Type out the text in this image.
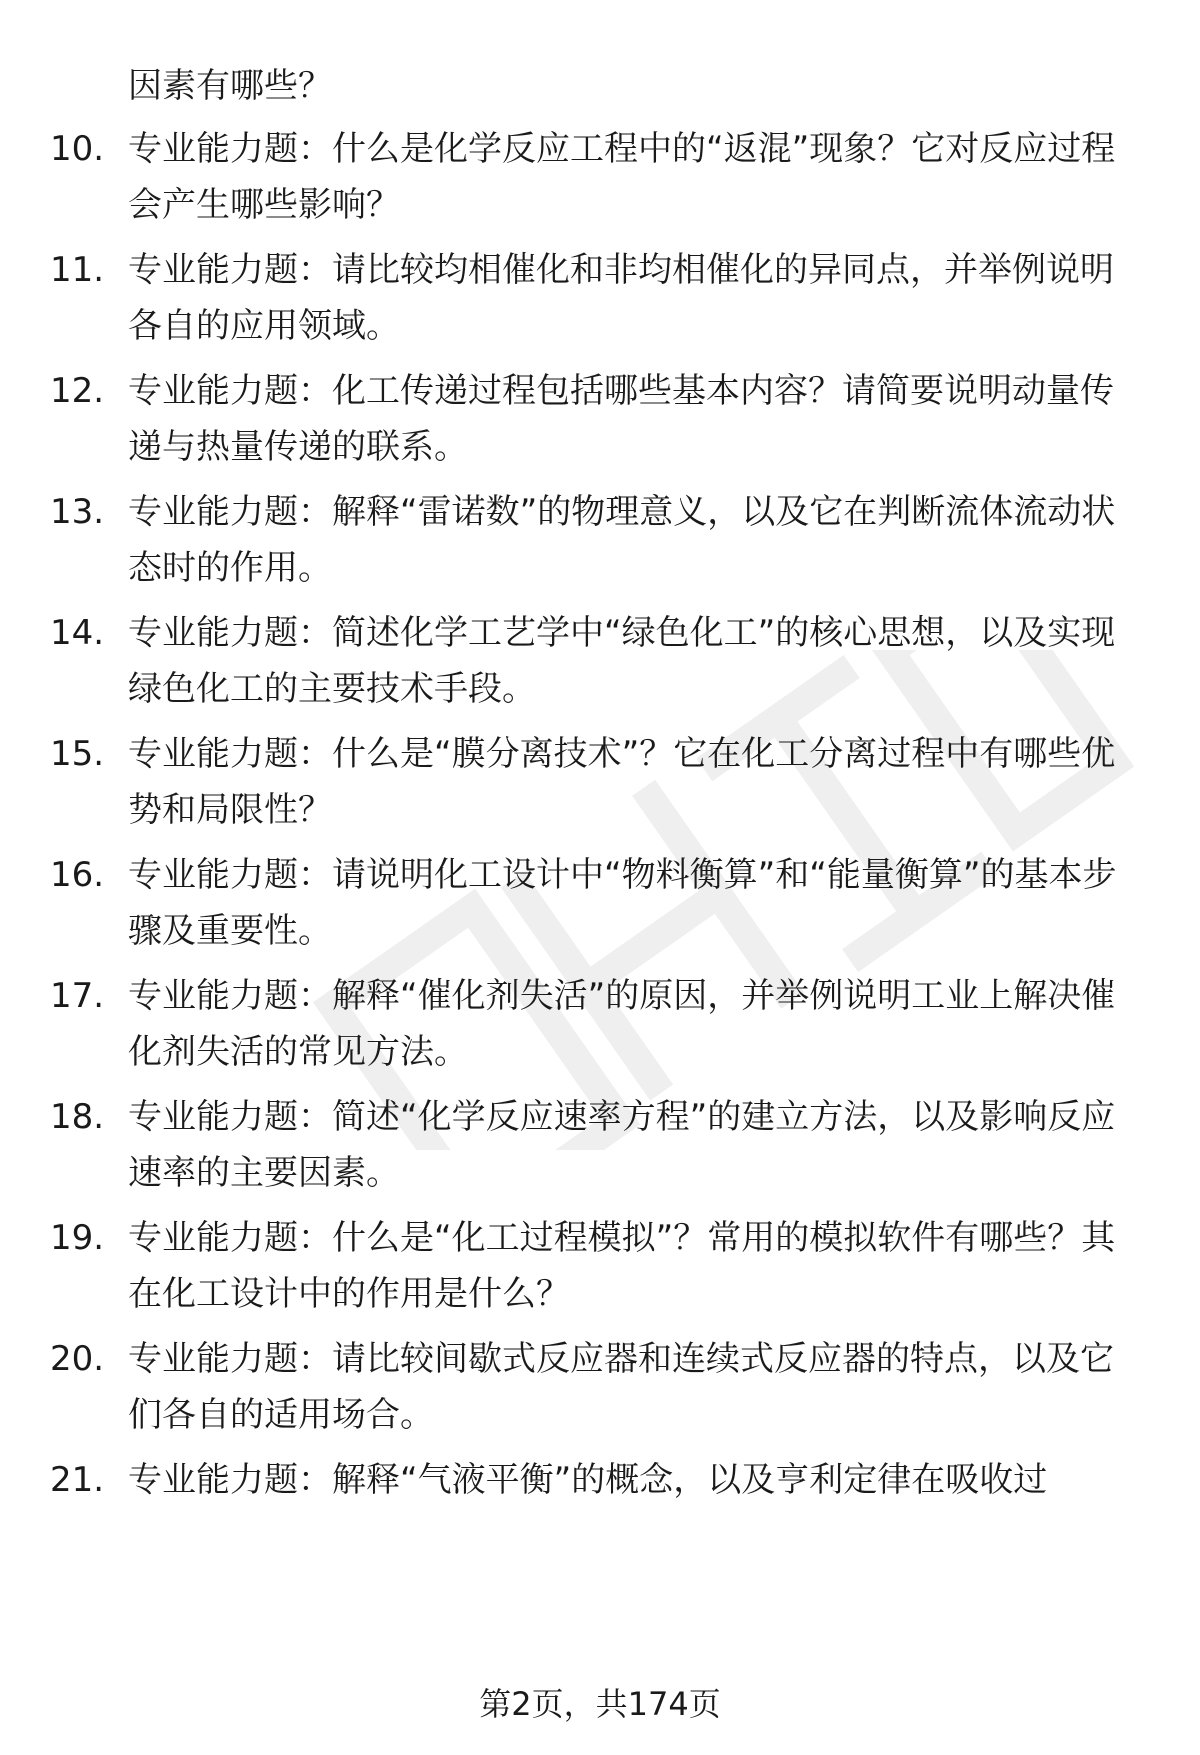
因素有哪些？
10. 专业能力题：什么是化学反应工程中的“返混”现象？它对反应过程会产生哪些影响？
11. 专业能力题：请比较均相催化和非均相催化的异同点，并举例说明各自的应用领域。
12. 专业能力题：化工传递过程包括哪些基本内容？请简要说明动量传递与热量传递的联系。
13. 专业能力题：解释“雷诺数”的物理意义，以及它在判断流体流动状态时的作用。
14. 专业能力题：简述化学工艺学中“绿色化工”的核心思想，以及实现绿色化工的主要技术手段。
15. 专业能力题：什么是“膜分离技术”？它在化工分离过程中有哪些优势和局限性？
16. 专业能力题：请说明化工设计中“物料衡算”和“能量衡算”的基本步骤及重要性。
17. 专业能力题：解释“催化剂失活”的原因，并举例说明工业上解决催化剂失活的常见方法。
18. 专业能力题：简述“化学反应速率方程”的建立方法，以及影响反应速率的主要因素。
19. 专业能力题：什么是“化工过程模拟”？常用的模拟软件有哪些？其在化工设计中的作用是什么？
20. 专业能力题：请比较间歇式反应器和连续式反应器的特点，以及它们各自的适用场合。
21. 专业能力题：解释“气液平衡”的概念，以及亨利定律在吸收过
第2页，共174页
